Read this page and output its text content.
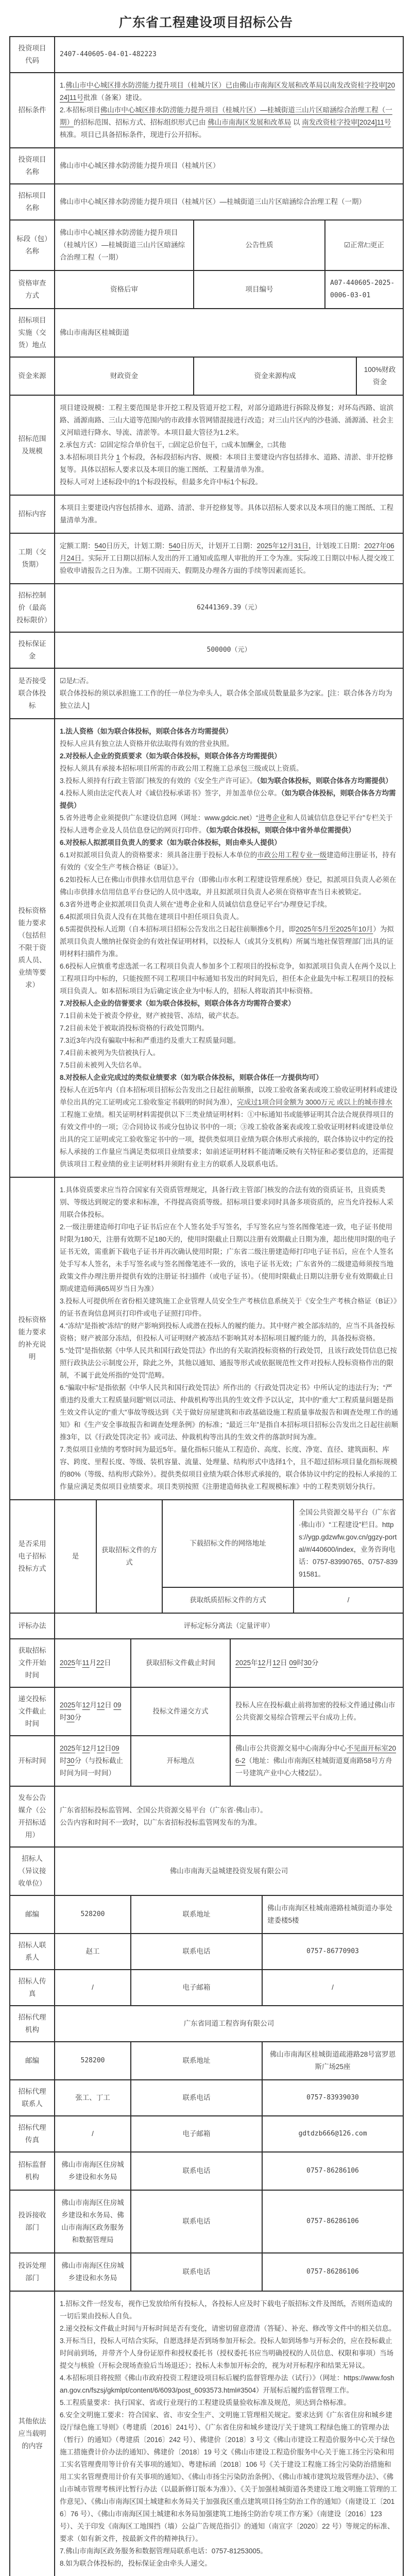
广东省工程建设项目招标公告
投资项目代码	2407-440605-04-01-482223									
招标条件	1.佛山市中心城区排水防涝能力提升项目（桂城片区）已由佛山市南海区发展和改革局以南发改资桂字投审[2024]11号批准（备案）建设。
2.本招标项目佛山市中心城区排水防涝能力提升项目（桂城片区）—桂城街道三山片区暗涵综合治理工程（一期）的招标范围、招标方式、招标组织形式已由 佛山市南海区发展和改革局 以 南发改资桂字投审[2024]11号 核准。项目已具备招标条件，现进行公开招标。									

投资项目名称	佛山市中心城区排水防涝能力提升项目（桂城片区）									
招标项目名称	佛山市中心城区排水防涝能力提升项目（桂城片区）—桂城街道三山片区暗涵综合治理工程（一期）									
标段（包）名称	佛山市中心城区排水防涝能力提升项目（桂城片区）—桂城街道三山片区暗涵综合治理工程（一期）				公告性质				☑正常/□更正	
资格审查方式	资格后审				项目编号				A07-440605-2025-0006-03-01	
招标项目实施（交货）地点	佛山市南海区桂城街道									
资金来源	财政资金				资金来源构成					100%财政资金
招标范围及规模	项目建设规模：工程主要范围是非开挖工程及管道开挖工程，对部分道路进行拆除及修复；对环岛西路、谊滨路、涌源南路、三山大道等范围内的市政排水管网错混接进行改造；对三山片区内的沙巷涌、涌源涌、社会主义河暗进行降水、导流、清淤等。本项目最大管径为1.2米。
2.承包方式：☑固定综合单价包干，□固定总价包干，□成本加酬金，□其他
3.本招标项目共分 1 个标段，各标段招标内容、规模：本项目主要建设内容包括排水、道路、清淤、非开挖修复等。具体以招标人要求以及本项目的施工图纸、工程量清单为准。
投标人可对上述标段中的1个标段投标，但最多允许中标1个标段。									

招标内容	本项目主要建设内容包括排水、道路、清淤、非开挖修复等。具体以招标人要求以及本项目的施工图纸、工程量清单为准。									
工期（交货期）	定额工期：540日历天，计划工期：540日历天，计划开工日期：2025年12月31日，计划竣工日期：2027年06月24日。实际开工日期以招标人发出的开工通知或监理人审批的开工令为准。实际竣工日期以中标人提交竣工验收申请报告之日为准。工期不因雨天、假期及办理各方面的手续等因素而延长。									

招标控制价（最高投标限价）	62441369.39（元）									
投标保证金	500000（元）									
是否接受联合体投标	☑是/□否。
联合体投标的须以承担施工工作的任一单位为牵头人，联合体全部成员数量最多为2家。[注：联合体各方均为独立法人]									

投标资格能力要求（包括但不限于资质人员、业绩等要求）	
1.法人资格（如为联合体投标，则联合体各方均需提供）
投标人应具有独立法人资格并依法取得有效的营业执照。
2.对投标人企业的资质要求（如为联合体投标，则联合体各方均需提供）
投标人须具有承接本招标项目所需的市政公用工程施工总承包三级或以上资质。
3.投标人须持有行政主管部门核发的有效的《安全生产许可证》。（如为联合体投标，则联合体各方均需提供）
4.投标人须由法定代表人对《诚信投标承诺书》签字，并加盖单位公章。（如为联合体投标，则联合体各方均需提供）
5.省外进粤企业须提供广东建设信息网（网址：www.gdcic.net）“进粤企业和人员诚信信息登记平台”专栏关于投标人进粤企业及人员信息登记的网页打印件。（如为联合体投标，则联合体中省外单位需提供）
6.对投标人拟派项目负责人的要求（如为联合体投标，则由牵头人提供）
6.1对拟派项目负责人的资格要求：须具备注册于投标人本单位的市政公用工程专业一级建造师注册证书，持有有效的《安全生产考核合格证（B证）》。
6.2如投标人已在佛山市供排水信用信息平台（即佛山市水利工程建设管理系统）登记，拟派项目负责人必须在佛山市供排水信用信息平台登记的人员中选取，并且拟派项目负责人必须在资格审查当日未被锁定。
6.3省外进粤企业拟派项目负责人须在“进粤企业和人员诚信信息登记平台”办理登记手续。
6.4拟派项目负责人没有在其他在建项目中担任项目负责人。
6.5需提供投标人近期（自本招标项目招标公告发出之日起往前顺推6个月，即2025年5月至2025年10月）为拟派项目负责人缴纳社保资金的有效社保证明材料，以投标人（或其分支机构）所属当地社保管理部门出具的证明材料扫描件为准。
6.6投标人应慎重考虑选派一名工程项目负责人参加多个工程项目的投标竞争，如拟派项目负责人在两个及以上工程项目均中标的，只能按照不同工程项目中标通知书发出的时间先后，担任本企业最先中标工程项目的投标项目负责人。如本招标项目为后确定该企业为中标人的，招标人将取消其中标资格。
7.对投标人企业的信誉要求（如为联合体投标，则联合体各方均需符合要求）
7.1目前未处于被责令停业，财产被接管、冻结，破产状态。
7.2目前未处于被取消投标资格的行政处罚期内。
7.3近3年内没有骗取中标和严重违约及重大工程质量问题。
7.4目前未被列为失信被执行人。
7.5目前未被列入失信名单。
8.对投标人企业完成过的类似业绩要求（如为联合体投标，则联合体任一方提供均可）
投标人在近5年内（自本招标项目招标公告发出之日起往前顺推，以竣工验收备案表或竣工验收证明材料或建设单位出具的完工证明或完工验收鉴定书载明的时间为准），完成过1项合同金额为 3000万元 或以上的城市排水工程施工业绩。相关证明材料需提供以下三类业绩证明材料：①中标通知书或能够证明其合法合规获得项目的有效文件中的一项；②合同协议书或分包协议书中的一项；③竣工验收备案表或竣工验收证明材料或建设单位出具的完工证明或完工验收鉴定书中的一项，提供类似项目业绩为联合体形式承接的，联合体协议中约定的投标人承接的工作量应当满足类似项目业绩要求；如前述证明材料不能清晰反映有关特征和必要信息的，还需提供该项目工程业绩的业主证明材料并须附有业主方的联系人及联系电话。

投标资格能力要求的补充说明	
1.具体资质要求应当符合国家有关资质管理规定，具备行政主管部门核发的合法有效的资质证书，且资质类别、等级达到规定的要求和标准，不得提高资质等级。招标项目要求同时具备多项资质的，应当允许投标人采用联合体投标。
2.一级注册建造师打印电子证书后应在个人签名处手写签名，手写签名应与签名图像笔迹一致，电子证书使用时限为180天，注册有效期不足180天的，使用时限截止日期以注册有效期截止日期为准，超出使用时限的电子证书无效，需重新下载电子证书并再次确认使用时限；广东省二级注册建造师打印电子证书后，应在个人签名处手写本人签名，未手写签名或与签名图像笔迹不一致的，该电子证书无效；广东省外的二级建造师须按当地政策文件办理注册并提供有效的注册证书扫描件（或电子证书）。（使用时限截止日期以注册专业有效期截止日期或建造师满65周岁当日为准）
3.投标人可提供所在省份相关建筑施工企业管理人员安全生产考核信息系统关于《安全生产考核合格证（B证）》的证书查询信息网页打印件或电子证照打印件。
4.“冻结”是指被“冻结”的财产影响到投标人或潜在投标人的履约能力。其中财产被全部冻结的，应当不具备投标资格；财产被部分冻结，但投标人可证明财产被冻结不影响其对本招标项目履约能力的，具备投标资格。
5.“处罚”是指依据《中华人民共和国行政处罚法》作出的有关取消投标资格的行政处罚，且该行政处罚信息已按照行政执法公示制度公开，除此之外，其他以通知、通报等形式或依据规范性文件对投标人投标资格作出的限制，不属于此处所指的“处罚”范畴。
6.“骗取中标”是指依据《中华人民共和国行政处罚法》所作出的《行政处罚决定书》中所认定的违法行为；“严重违约及重大工程质量问题”则以司法、仲裁机构等出具的生效文件予以认定，其中的“重大”工程质量问题是指生效文件认定的“重大”事故等级达到《关于做好房屋建筑和市政基础设施工程质量事故报告和调查处理工作的通知》和《生产安全事故报告和调查处理条例》的标准；“最近三年”是指自本招标项目招标公告发出之日起往前顺推3年，以《行政处罚决定书》或司法、仲裁机构等出具的生效文件的落款时间为准。
7.类似项目业绩的考察时间为最近5年。量化指标只能从工程造价、高度、长度、净宽、直径、建筑面积、库容、跨度、里程长度、等级、装机容量、流量、处理量、结构形式中选择1个，且不超过招标项目量化指标规模的80%（等级、结构形式除外）。提供类似项目业绩为联合体形式承接的，联合体协议中约定的投标人承接的工作量应满足类似项目业绩要求。项目类别按照《注册建造师执业工程规模标准》中的工程类别划分执行。

是否采用电子招标投标方式	是	获取招标文件的方式		下载招标文件的网络地址				全国公共资源交易平台（广东省·佛山市）“工程建设”栏目。https://ygp.gdzwfw.gov.cn/ggzy-portal/#/440600/index，业务咨询电话：0757-83990765、0757-83991581。		

				获取纸质招标文件的方式				/		
评标办法	评标定标分离法（定量评审）									
获取招标文件开始时间	2025年11月22日		获取招标文件截止时间			2025年12月12日 09时30分				

递交投标文件截止时间	2025年12月12日 09时30分		投标文件递交方式			投标人应在投标截止前将加密的投标文件通过佛山市公共资源交易综合管理云平台成功上传。				

开标时间	2025年12月12日09时30分（与投标截止时间为同一时间）		开标地点			佛山市公共资源交易中心南海分中心不见面开标室206-2（地址：佛山市南海区桂城街道夏南路58号方舟一号建筑产业中心大楼2层）。				

发布公告媒介（公开招标适用）	广东省招标投标监管网、全国公共资源交易平台（广东省·佛山市）。
公告内容和时间不一致时，以广东省招标投标监管网发布的为准。									

招标人（异议接收单位）	佛山市南海天益城建投资发展有限公司									
邮编	528200		联系地址				佛山市南海区桂城南港路桂城街道办事处建委楼5楼			
招标人联系人	赵工		联系电话				0757-86770903			
招标人传真	/		电子邮箱				/			
招标代理机构	广东省同道工程咨询有限公司									
邮编	528200		联系地址				佛山市南海区桂城街道疏港路28号富罗恩斯广场25座			
招标代理联系人	张工、丁工		联系电话				0757-83939030			
招标代理传真	/		电子邮箱				gdtdzb666@126.com			
招标监督机构	佛山市南海区住房城乡建设和水务局		联系电话				0757-86286106			
投诉接收部门	佛山市南海区住房城乡建设和水务局、佛山市南海区政务服务和数据管理局		联系电话				0757-86286106			
投诉处理部门	佛山市南海区住房城乡建设和水务局		联系电话				0757-86286106			
其他依法应当载明的内容	
1.招标文件一经发布，视作已发放给所有投标人，各投标人应及时下载电子版招标文件及图纸，否则所造成的一切后果由投标人自负。
2.递交投标文件截止时间与开标时间是否有变化，请密切留意澄清（答疑）、补充、修改等文件中的相关信息。
3.开标当日，投标人可结合实际，自愿选择是否到场参加开标会。投标人如到场参与开标会的，应在投标截止时间前到场，并带齐个人身份证原件和授权委托书（授权委托书应当明确授权的人员信息、权限和事项）当场提交与核验（开标会现场查验后当场退还）；投标人未参加开标会的，视为对开标程序和结果无异议。
4.本招标项目将按照《佛山市政府投资工程建设项目标后履约监督管理办法（试行）》（网址：https://www.foshan.gov.cn/fszsj/gkmlpt/content/6/6093/post_6093573.html#3504）开展标后履约监督管理工作。
5.工程质量要求：执行国家、省或行业现行的工程建设质量验收标准及规范，须达到合格标准。
6.安全文明施工要求：符合国家、省、市安全生产、文明施工管理相关规定。要求达到《广东省住房和城乡建设厅绿色施工导则》（粤建质〔2016〕241号）、《广东省住房和城乡建设厅关于建筑工程绿色施工的管理办法（暂行）的通知》（粤建质〔2016〕242 号）、佛建价〔2018〕3 号文《佛山市建设工程造价服务中心关于绿色施工措施费计价办法的通知》、佛建价〔2018〕19 号文《佛山市建设工程造价服务中心关于施工扬尘污染和用工实名管理费用等计价有关事项的通知》、粤建标函〔2018〕106 号《关于建设工程施工扬尘污染防治措施和用工实名管理费用计价有关事项的通知》、《佛山市扬尘污染防治条例》、《佛山市城市建筑垃圾管理办法》、《佛山市城市管理考核评比暂行办法（以最新修订版本为准）》、《关于加强桂城街道各类建设工地文明施工管理的工作意见》、《佛山市南海区国土城建和水务局关于加强我区重点建筑项目扬尘防治工作的通知》（南建设工〔2016〕76 号）、《佛山市南海区国土城建和水务局加强建筑工地扬尘防治专项工作方案》（南建设〔2016〕123 号）、关于印发《南海区工地围挡（墙）公益广告规范指引》的通知（南宣字〔2020〕22 号）等规定的标准、要求（如有新文件，按最新文件的精神执行）。
7.佛山市南海区政务服务和数据管理局联系电话：0757-81253005。
8.如为联合体投标的，投标保证金由牵头人递交。
